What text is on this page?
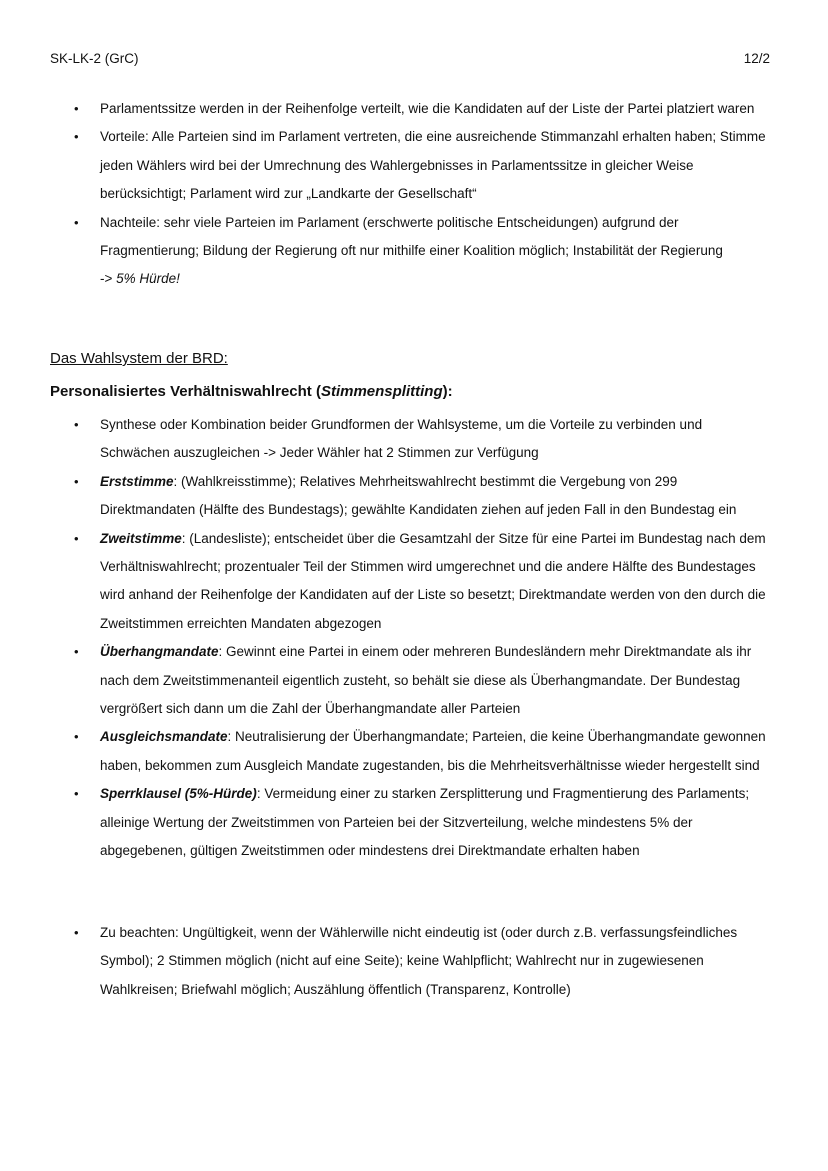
SK-LK-2 (GrC)	12/2
• Parlamentssitze werden in der Reihenfolge verteilt, wie die Kandidaten auf der Liste der Partei platziert waren
• Vorteile: Alle Parteien sind im Parlament vertreten, die eine ausreichende Stimmanzahl erhalten haben; Stimme jeden Wählers wird bei der Umrechnung des Wahlergebnisses in Parlamentssitze in gleicher Weise berücksichtigt; Parlament wird zur „Landkarte der Gesellschaft“
• Nachteile: sehr viele Parteien im Parlament (erschwerte politische Entscheidungen) aufgrund der Fragmentierung; Bildung der Regierung oft nur mithilfe einer Koalition möglich; Instabilität der Regierung
-> 5% Hürde!
Das Wahlsystem der BRD:
Personalisiertes Verhältniswahlrecht (Stimmensplitting):
• Synthese oder Kombination beider Grundformen der Wahlsysteme, um die Vorteile zu verbinden und Schwächen auszugleichen -> Jeder Wähler hat 2 Stimmen zur Verfügung
• Erststimme: (Wahlkreisstimme); Relatives Mehrheitswahlrecht bestimmt die Vergebung von 299 Direktmandaten (Hälfte des Bundestags); gewählte Kandidaten ziehen auf jeden Fall in den Bundestag ein
• Zweitstimme: (Landesliste); entscheidet über die Gesamtzahl der Sitze für eine Partei im Bundestag nach dem Verhältniswahlrecht; prozentualer Teil der Stimmen wird umgerechnet und die andere Hälfte des Bundestages wird anhand der Reihenfolge der Kandidaten auf der Liste so besetzt; Direktmandate werden von den durch die Zweitstimmen erreichten Mandaten abgezogen
• Überhangmandate: Gewinnt eine Partei in einem oder mehreren Bundesländern mehr Direktmandate als ihr nach dem Zweitstimmenanteil eigentlich zusteht, so behält sie diese als Überhangmandate. Der Bundestag vergrößert sich dann um die Zahl der Überhangmandate aller Parteien
• Ausgleichsmandate: Neutralisierung der Überhangmandate; Parteien, die keine Überhangmandate gewonnen haben, bekommen zum Ausgleich Mandate zugestanden, bis die Mehrheitsverhältnisse wieder hergestellt sind
• Sperrklausel (5%-Hürde): Vermeidung einer zu starken Zersplitterung und Fragmentierung des Parlaments; alleinige Wertung der Zweitstimmen von Parteien bei der Sitzverteilung, welche mindestens 5% der abgegebenen, gültigen Zweitstimmen oder mindestens drei Direktmandate erhalten haben
• Zu beachten: Ungültigkeit, wenn der Wählerwille nicht eindeutig ist (oder durch z.B. verfassungsfeindliches Symbol); 2 Stimmen möglich (nicht auf eine Seite); keine Wahlpflicht; Wahlrecht nur in zugewiesenen Wahlkreisen; Briefwahl möglich; Auszählung öffentlich (Transparenz, Kontrolle)
